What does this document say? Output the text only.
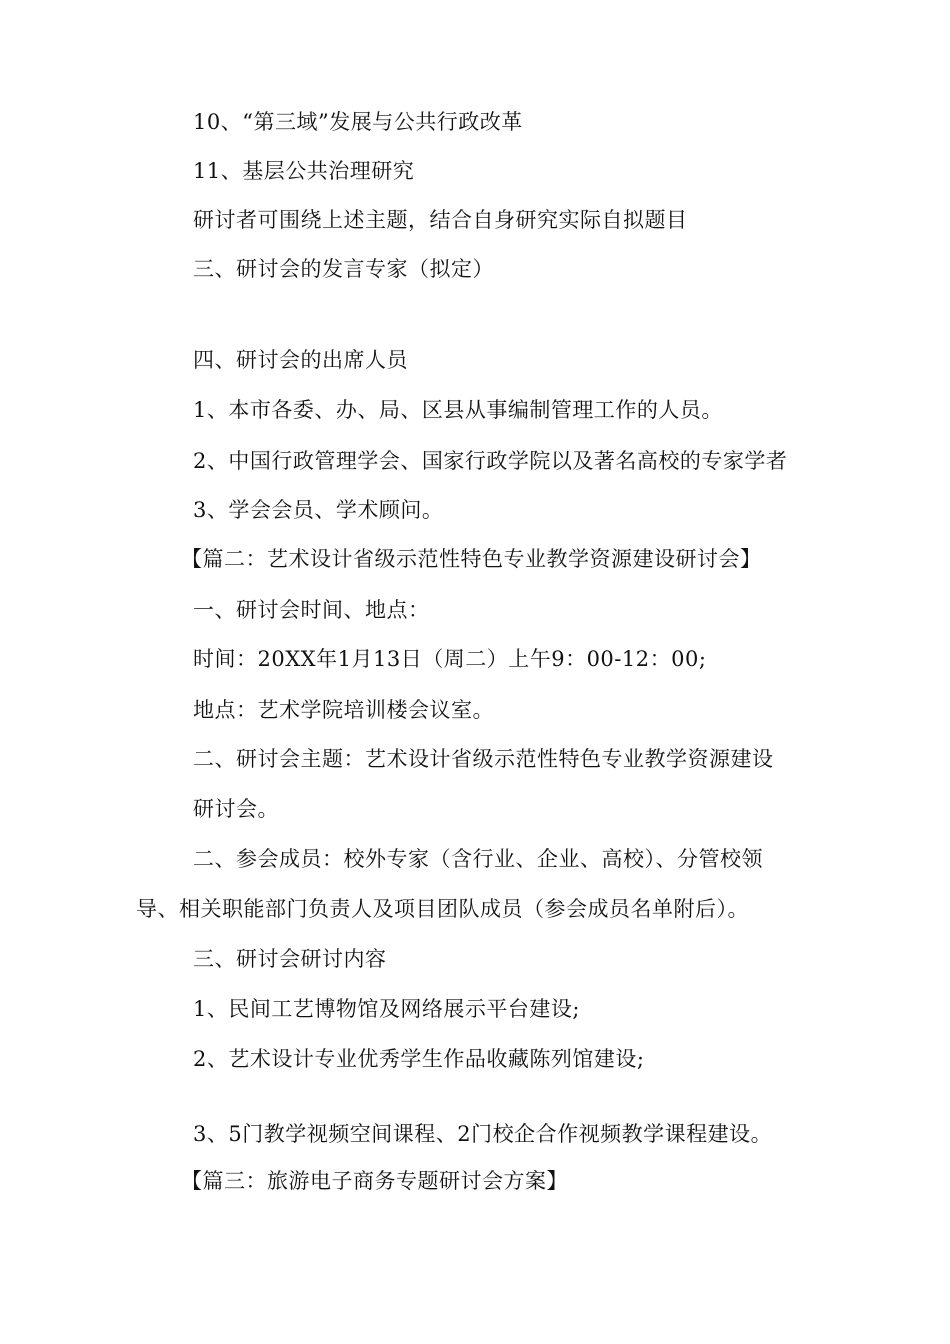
10、“第三域”发展与公共行政改革
11、基层公共治理研究
研讨者可围绕上述主题，结合自身研究实际自拟题目
三、研讨会的发言专家（拟定）
四、研讨会的出席人员
1、本市各委、办、局、区县从事编制管理工作的人员。
2、中国行政管理学会、国家行政学院以及著名高校的专家学者
3、学会会员、学术顾问。
【篇二：艺术设计省级示范性特色专业教学资源建设研讨会】
一、研讨会时间、地点：
时间：20XX年1月13日（周二）上午9：00-12：00;
地点：艺术学院培训楼会议室。
二、研讨会主题：艺术设计省级示范性特色专业教学资源建设
研讨会。
二、参会成员：校外专家（含行业、企业、高校）、分管校领
导、相关职能部门负责人及项目团队成员（参会成员名单附后）。
三、研讨会研讨内容
1、民间工艺博物馆及网络展示平台建设;
2、艺术设计专业优秀学生作品收藏陈列馆建设;
3、5门教学视频空间课程、2门校企合作视频教学课程建设。
【篇三：旅游电子商务专题研讨会方案】
